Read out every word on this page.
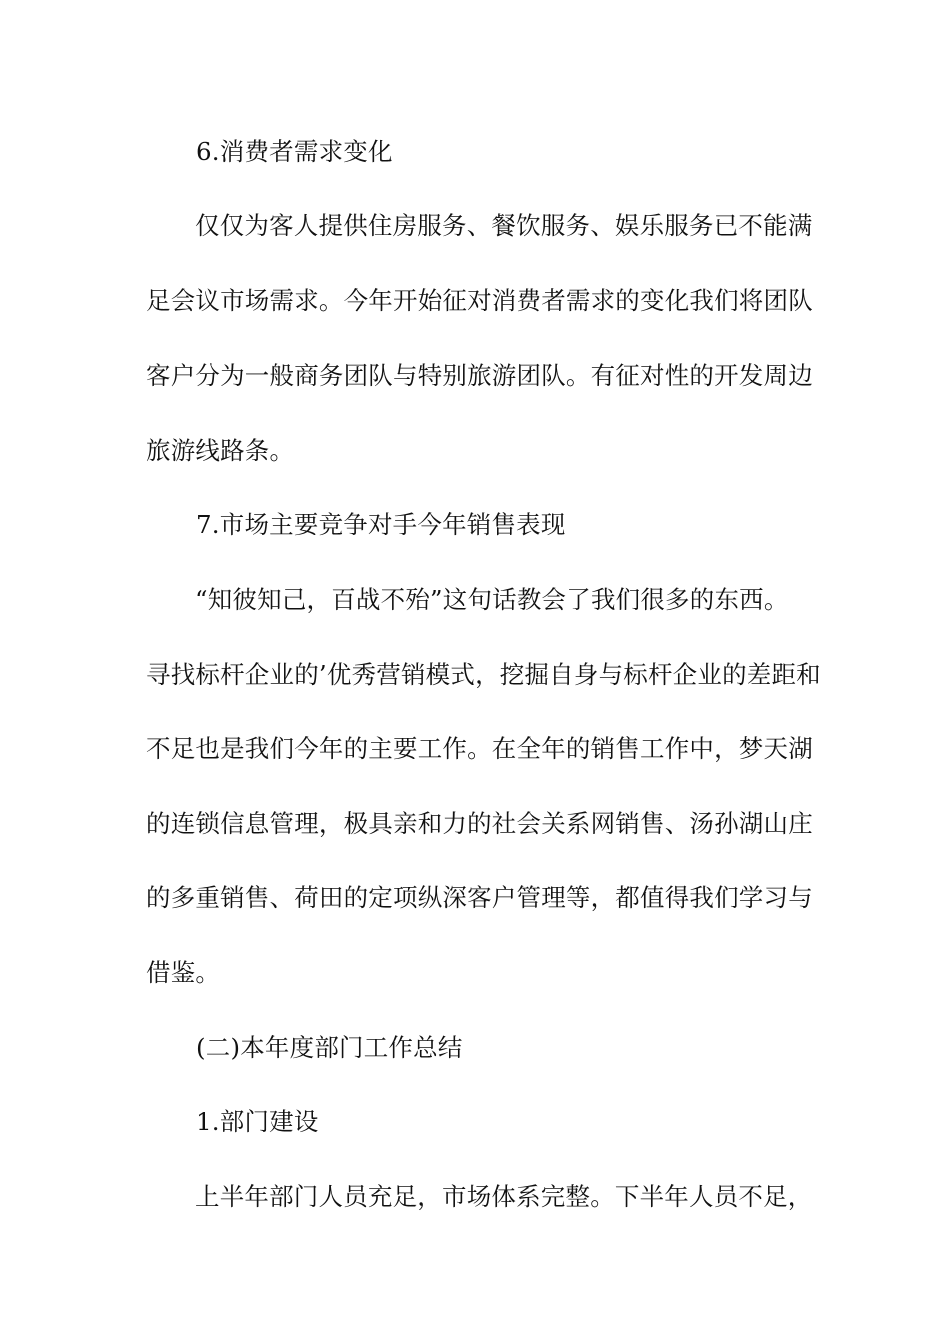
6.消费者需求变化
仅仅为客人提供住房服务、餐饮服务、娱乐服务已不能满
足会议市场需求。今年开始征对消费者需求的变化我们将团队
客户分为一般商务团队与特别旅游团队。有征对性的开发周边
旅游线路条。
7.市场主要竞争对手今年销售表现
“知彼知己，百战不殆”这句话教会了我们很多的东西。
寻找标杆企业的’优秀营销模式，挖掘自身与标杆企业的差距和
不足也是我们今年的主要工作。在全年的销售工作中，梦天湖
的连锁信息管理，极具亲和力的社会关系网销售、汤孙湖山庄
的多重销售、荷田的定项纵深客户管理等，都值得我们学习与
借鉴。
(二)本年度部门工作总结
1.部门建设
上半年部门人员充足，市场体系完整。下半年人员不足，
